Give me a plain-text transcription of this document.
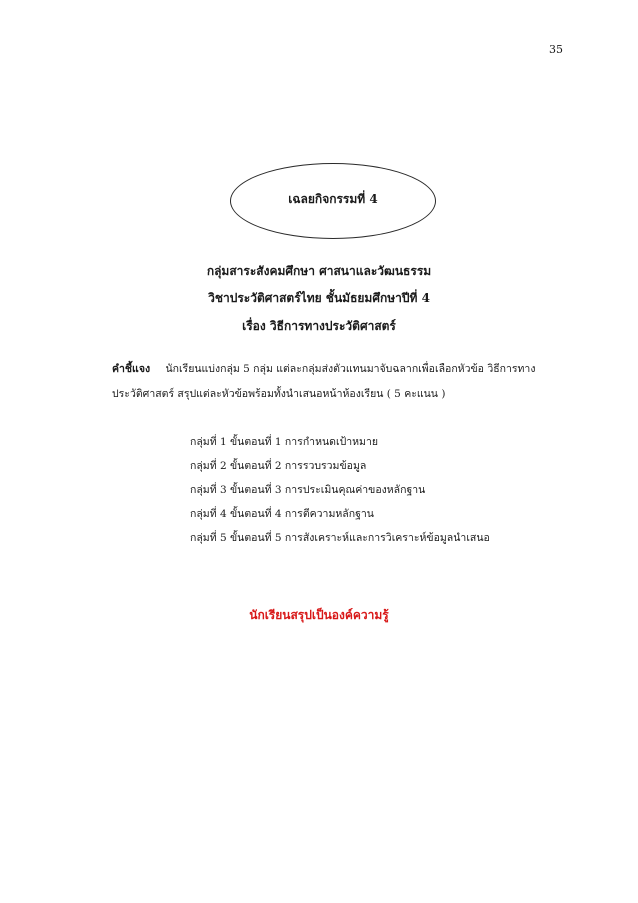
35
เฉลยกิจกรรมที่ 4
กลุ่มสาระสังคมศึกษา ศาสนาและวัฒนธรรม
วิชาประวัติศาสตร์ไทย ชั้นมัธยมศึกษาปีที่ 4
เรื่อง วิธีการทางประวัติศาสตร์
คำชี้แจง นักเรียนแบ่งกลุ่ม 5 กลุ่ม แต่ละกลุ่มส่งตัวแทนมาจับฉลากเพื่อเลือกหัวข้อ วิธีการทาง
ประวัติศาสตร์ สรุปแต่ละหัวข้อพร้อมทั้งนำเสนอหน้าห้องเรียน ( 5 คะแนน )
กลุ่มที่ 1 ขั้นตอนที่ 1 การกำหนดเป้าหมาย
กลุ่มที่ 2 ขั้นตอนที่ 2 การรวบรวมข้อมูล
กลุ่มที่ 3 ขั้นตอนที่ 3 การประเมินคุณค่าของหลักฐาน
กลุ่มที่ 4 ขั้นตอนที่ 4 การตีความหลักฐาน
กลุ่มที่ 5 ขั้นตอนที่ 5 การสังเคราะห์และการวิเคราะห์ข้อมูลนำเสนอ
นักเรียนสรุปเป็นองค์ความรู้
